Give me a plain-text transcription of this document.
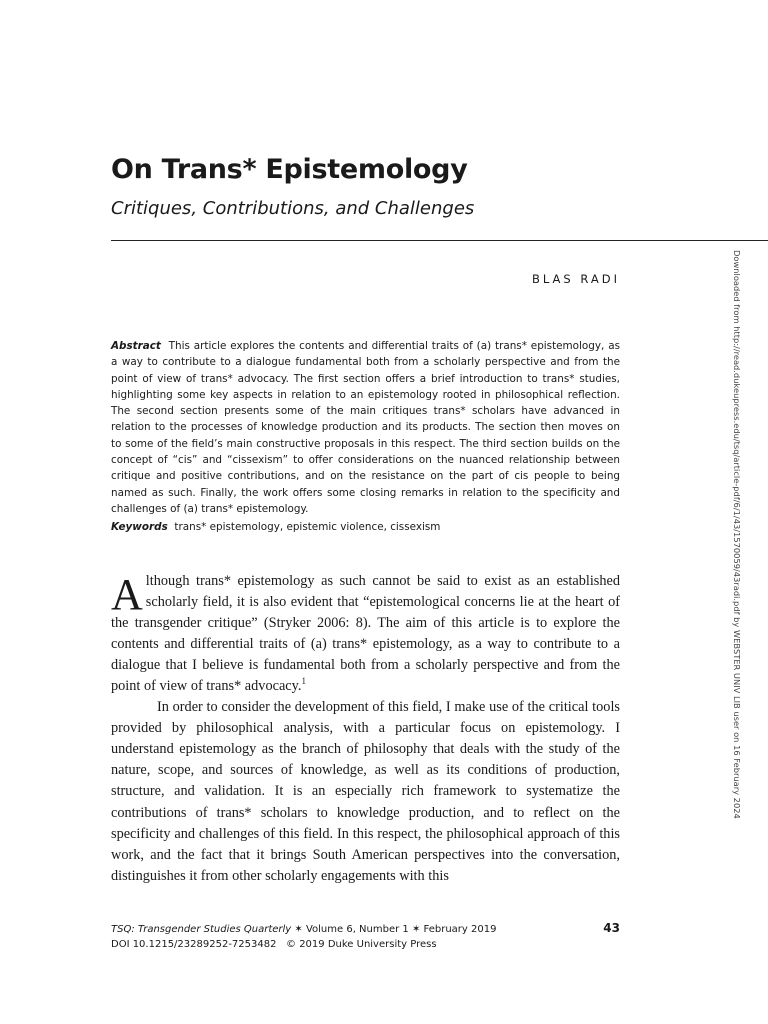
On Trans* Epistemology
Critiques, Contributions, and Challenges
BLAS RADI

Abstract This article explores the contents and differential traits of (a) trans* epistemology, as a way to contribute to a dialogue fundamental both from a scholarly perspective and from the point of view of trans* advocacy. The first section offers a brief introduction to trans* studies, highlighting some key aspects in relation to an epistemology rooted in philosophical reflection. The second section presents some of the main critiques trans* scholars have advanced in relation to the processes of knowledge production and its products. The section then moves on to some of the field’s main constructive proposals in this respect. The third section builds on the concept of “cis” and “cissexism” to offer considerations on the nuanced relationship between critique and positive contributions, and on the resistance on the part of cis people to being named as such. Finally, the work offers some closing remarks in relation to the specificity and challenges of (a) trans* epistemology.

Keywords trans* epistemology, epistemic violence, cissexism

Although trans* epistemology as such cannot be said to exist as an established scholarly field, it is also evident that “epistemological concerns lie at the heart of the transgender critique” (Stryker 2006: 8). The aim of this article is to explore the contents and differential traits of (a) trans* epistemology, as a way to contribute to a dialogue that I believe is fundamental both from a scholarly perspective and from the point of view of trans* advocacy.$^1$

In order to consider the development of this field, I make use of the critical tools provided by philosophical analysis, with a particular focus on epistemology. I understand epistemology as the branch of philosophy that deals with the study of the nature, scope, and sources of knowledge, as well as its conditions of production, structure, and validation. It is an especially rich framework to systematize the contributions of trans* scholars to knowledge production, and to reflect on the specificity and challenges of this field. In this respect, the philosophical approach of this work, and the fact that it brings South American perspectives into the conversation, distinguishes it from other scholarly engagements with this

TSQ: Transgender Studies Quarterly ✶ Volume 6, Number 1 ✶ February 2019
DOI 10.1215/23289252-7253482 © 2019 Duke University Press
43
Downloaded from http://read.dukeupress.edu/tsq/article-pdf/6/1/43/1570059/43radi.pdf by WEBSTER UNIV LIB user on 16 February 2024
